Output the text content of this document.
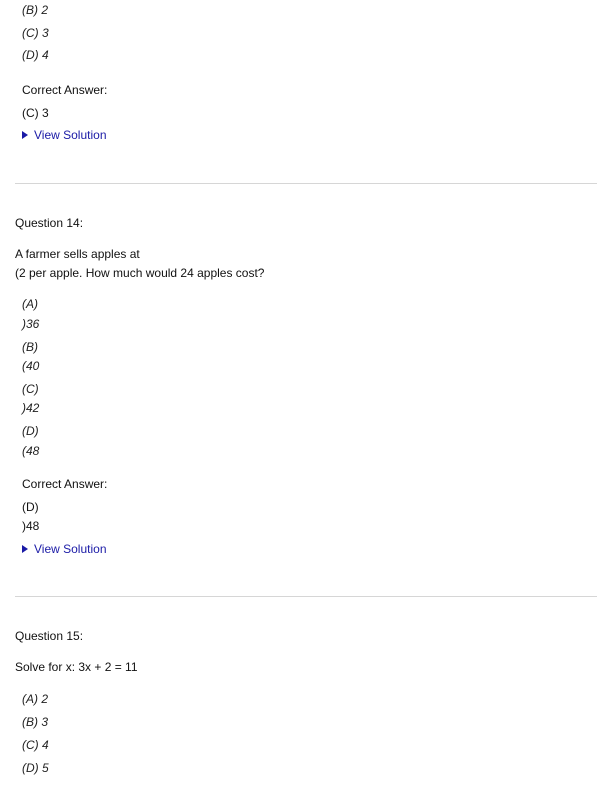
(B) 2
(C) 3
(D) 4
Correct Answer:
(C) 3
View Solution
Question 14:
A farmer sells apples at
(2 per apple. How much would 24 apples cost?
(A)
)36
(B)
(40
(C)
)42
(D)
(48
Correct Answer:
(D)
)48
View Solution
Question 15:
Solve for x: 3x + 2 = 11
(A) 2
(B) 3
(C) 4
(D) 5
